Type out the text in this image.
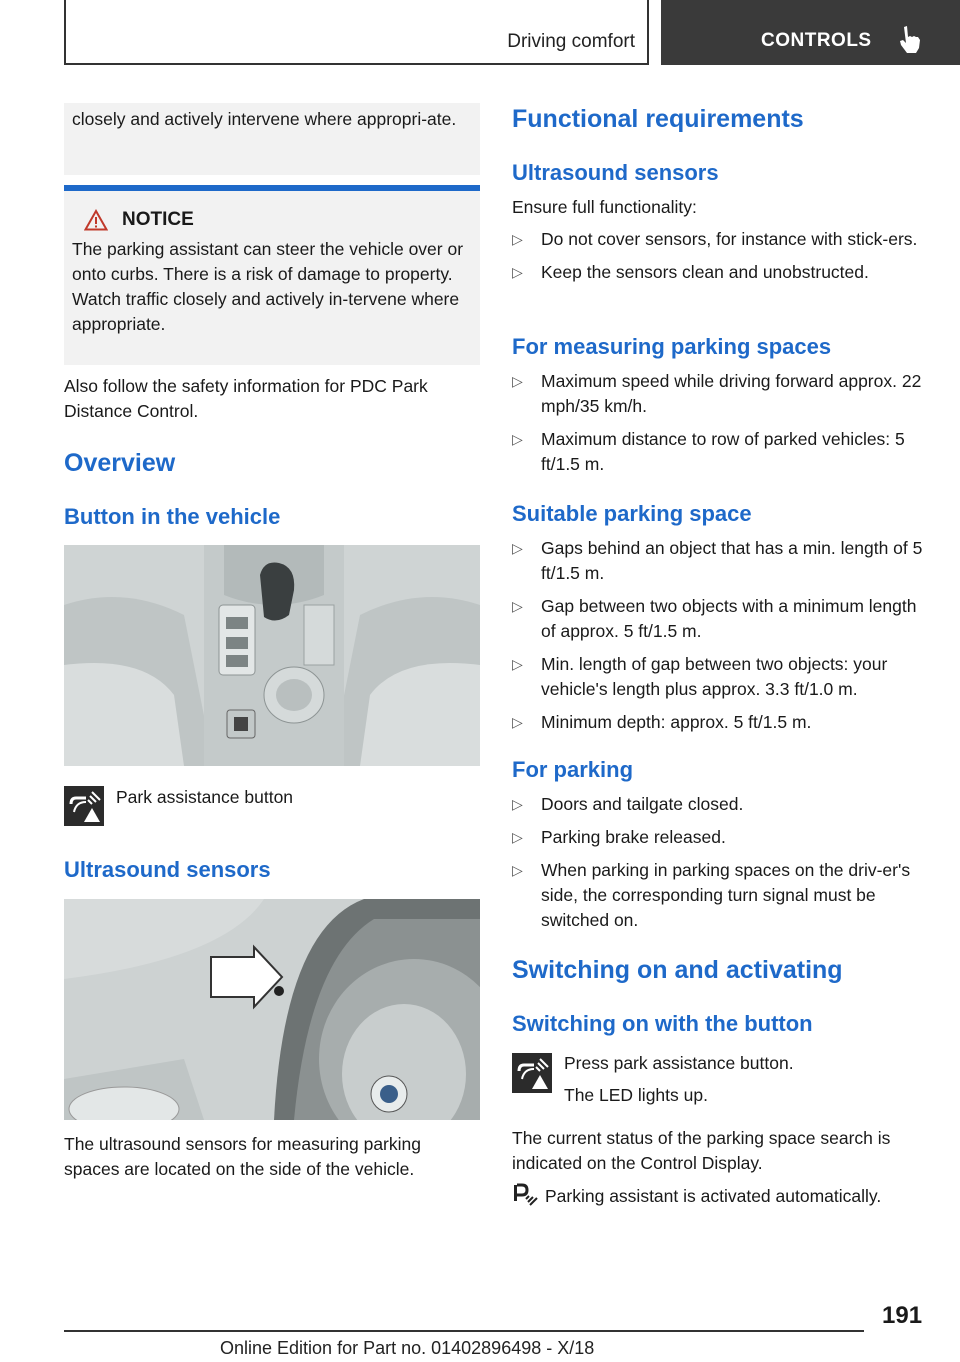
Driving comfort	CONTROLS

closely and actively intervene where appropri‐ate.

NOTICE

The parking assistant can steer the vehicle over or onto curbs. There is a risk of damage to property. Watch traffic closely and actively in‐tervene where appropriate.

Also follow the safety information for PDC Park Distance Control.

Overview
Button in the vehicle

Park assistance button

Ultrasound sensors

The ultrasound sensors for measuring parking spaces are located on the side of the vehicle.

Functional requirements
Ultrasound sensors

Ensure full functionality:

▷ Do not cover sensors, for instance with stick‐ers.
▷ Keep the sensors clean and unobstructed.
For measuring parking spaces
▷ Maximum speed while driving forward approx. 22 mph/35 km/h.
▷ Maximum distance to row of parked vehicles: 5 ft/1.5 m.
Suitable parking space
▷ Gaps behind an object that has a min. length of 5 ft/1.5 m.
▷ Gap between two objects with a minimum length of approx. 5 ft/1.5 m.
▷ Min. length of gap between two objects: your vehicle's length plus approx. 3.3 ft/1.0 m.
▷ Minimum depth: approx. 5 ft/1.5 m.
For parking
▷ Doors and tailgate closed.
▷ Parking brake released.
▷ When parking in parking spaces on the driv‐er's side, the corresponding turn signal must be switched on.
Switching on and activating
Switching on with the button

Press park assistance button.

The LED lights up.

The current status of the parking space search is indicated on the Control Display.

Parking assistant is activated automatically.

191
Online Edition for Part no. 01402896498 - X/18
